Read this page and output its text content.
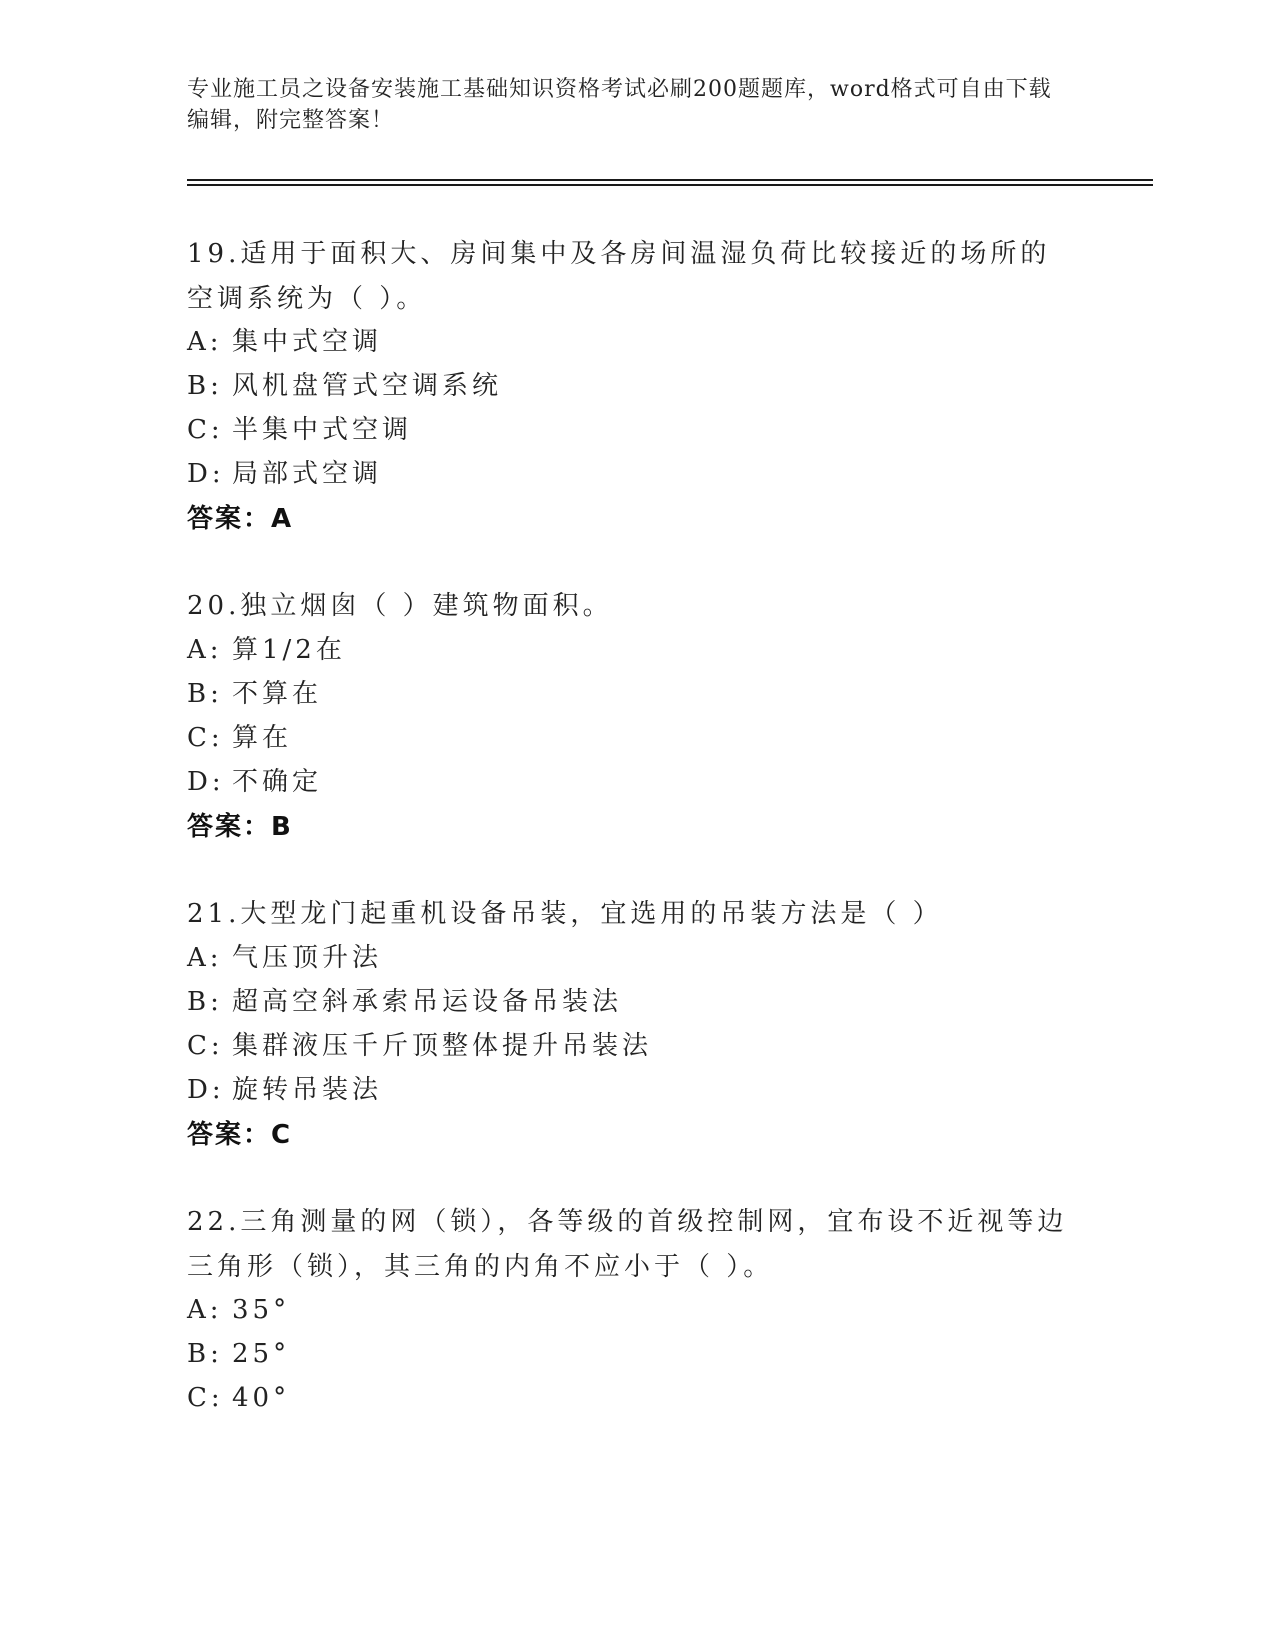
专业施工员之设备安装施工基础知识资格考试必刷200题题库，word格式可自由下载编辑，附完整答案！
19.适用于面积大、房间集中及各房间温湿负荷比较接近的场所的空调系统为（ ）。
A: 集中式空调
B: 风机盘管式空调系统
C: 半集中式空调
D: 局部式空调
答案：A
20.独立烟囱（ ）建筑物面积。
A: 算1/2在
B: 不算在
C: 算在
D: 不确定
答案：B
21.大型龙门起重机设备吊装，宜选用的吊装方法是（ ）
A: 气压顶升法
B: 超高空斜承索吊运设备吊装法
C: 集群液压千斤顶整体提升吊装法
D: 旋转吊装法
答案：C
22.三角测量的网（锁），各等级的首级控制网，宜布设不近视等边三角形（锁），其三角的内角不应小于（ ）。
A: 35°
B: 25°
C: 40°
